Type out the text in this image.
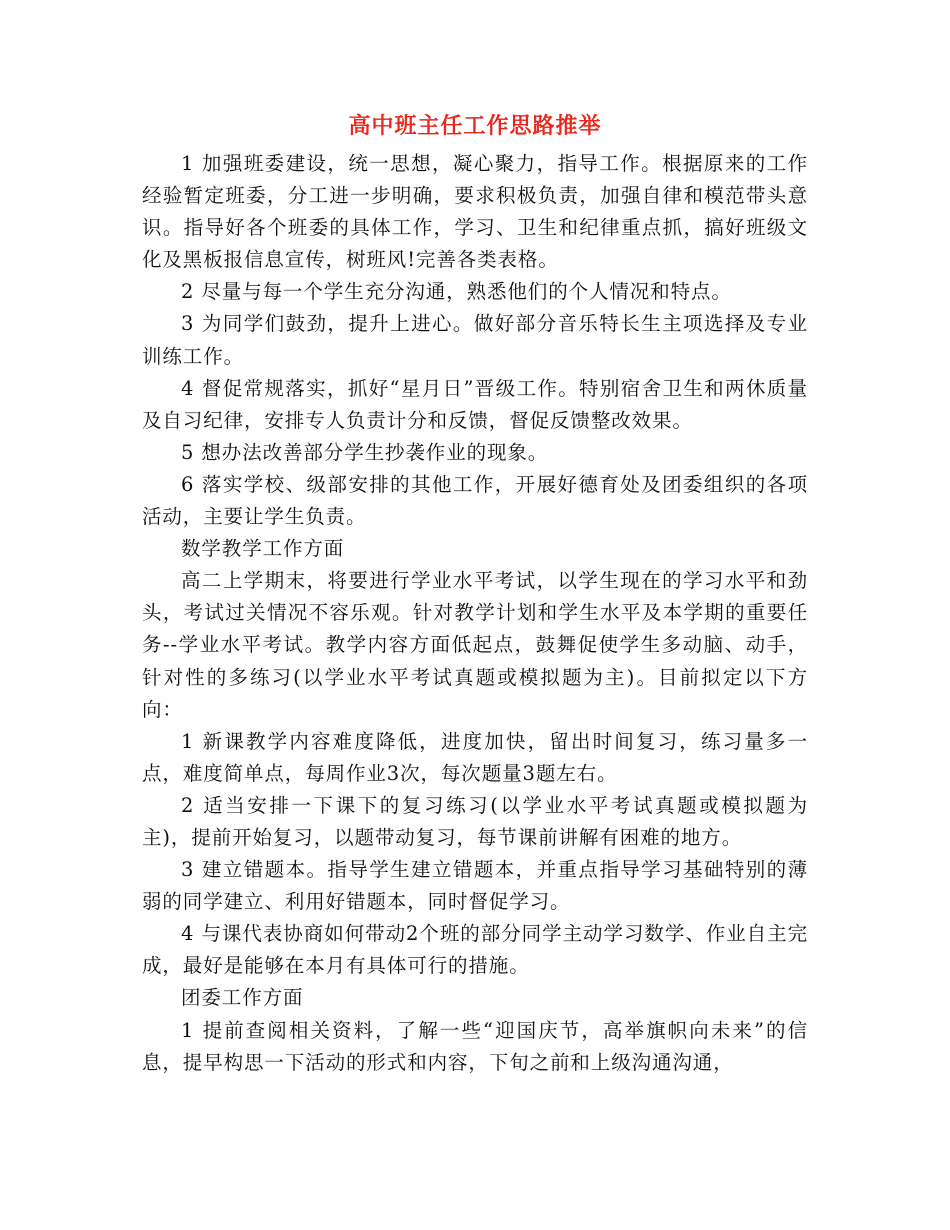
高中班主任工作思路推举

1 加强班委建设，统一思想，凝心聚力，指导工作。根据原来的工作经验暂定班委，分工进一步明确，要求积极负责，加强自律和模范带头意识。指导好各个班委的具体工作，学习、卫生和纪律重点抓，搞好班级文化及黑板报信息宣传，树班风!完善各类表格。

2 尽量与每一个学生充分沟通，熟悉他们的个人情况和特点。

3 为同学们鼓劲，提升上进心。做好部分音乐特长生主项选择及专业训练工作。

4 督促常规落实，抓好“星月日”晋级工作。特别宿舍卫生和两休质量及自习纪律，安排专人负责计分和反馈，督促反馈整改效果。

5 想办法改善部分学生抄袭作业的现象。

6 落实学校、级部安排的其他工作，开展好德育处及团委组织的各项活动，主要让学生负责。

数学教学工作方面

高二上学期末，将要进行学业水平考试，以学生现在的学习水平和劲头，考试过关情况不容乐观。针对教学计划和学生水平及本学期的重要任务--学业水平考试。教学内容方面低起点，鼓舞促使学生多动脑、动手，针对性的多练习(以学业水平考试真题或模拟题为主)。目前拟定以下方向：

1 新课教学内容难度降低，进度加快，留出时间复习，练习量多一点，难度简单点，每周作业3次，每次题量3题左右。

2 适当安排一下课下的复习练习(以学业水平考试真题或模拟题为主)，提前开始复习，以题带动复习，每节课前讲解有困难的地方。

3 建立错题本。指导学生建立错题本，并重点指导学习基础特别的薄弱的同学建立、利用好错题本，同时督促学习。

4 与课代表协商如何带动2个班的部分同学主动学习数学、作业自主完成，最好是能够在本月有具体可行的措施。

团委工作方面

1 提前查阅相关资料，了解一些“迎国庆节，高举旗帜向未来”的信息，提早构思一下活动的形式和内容，下旬之前和上级沟通沟通，
